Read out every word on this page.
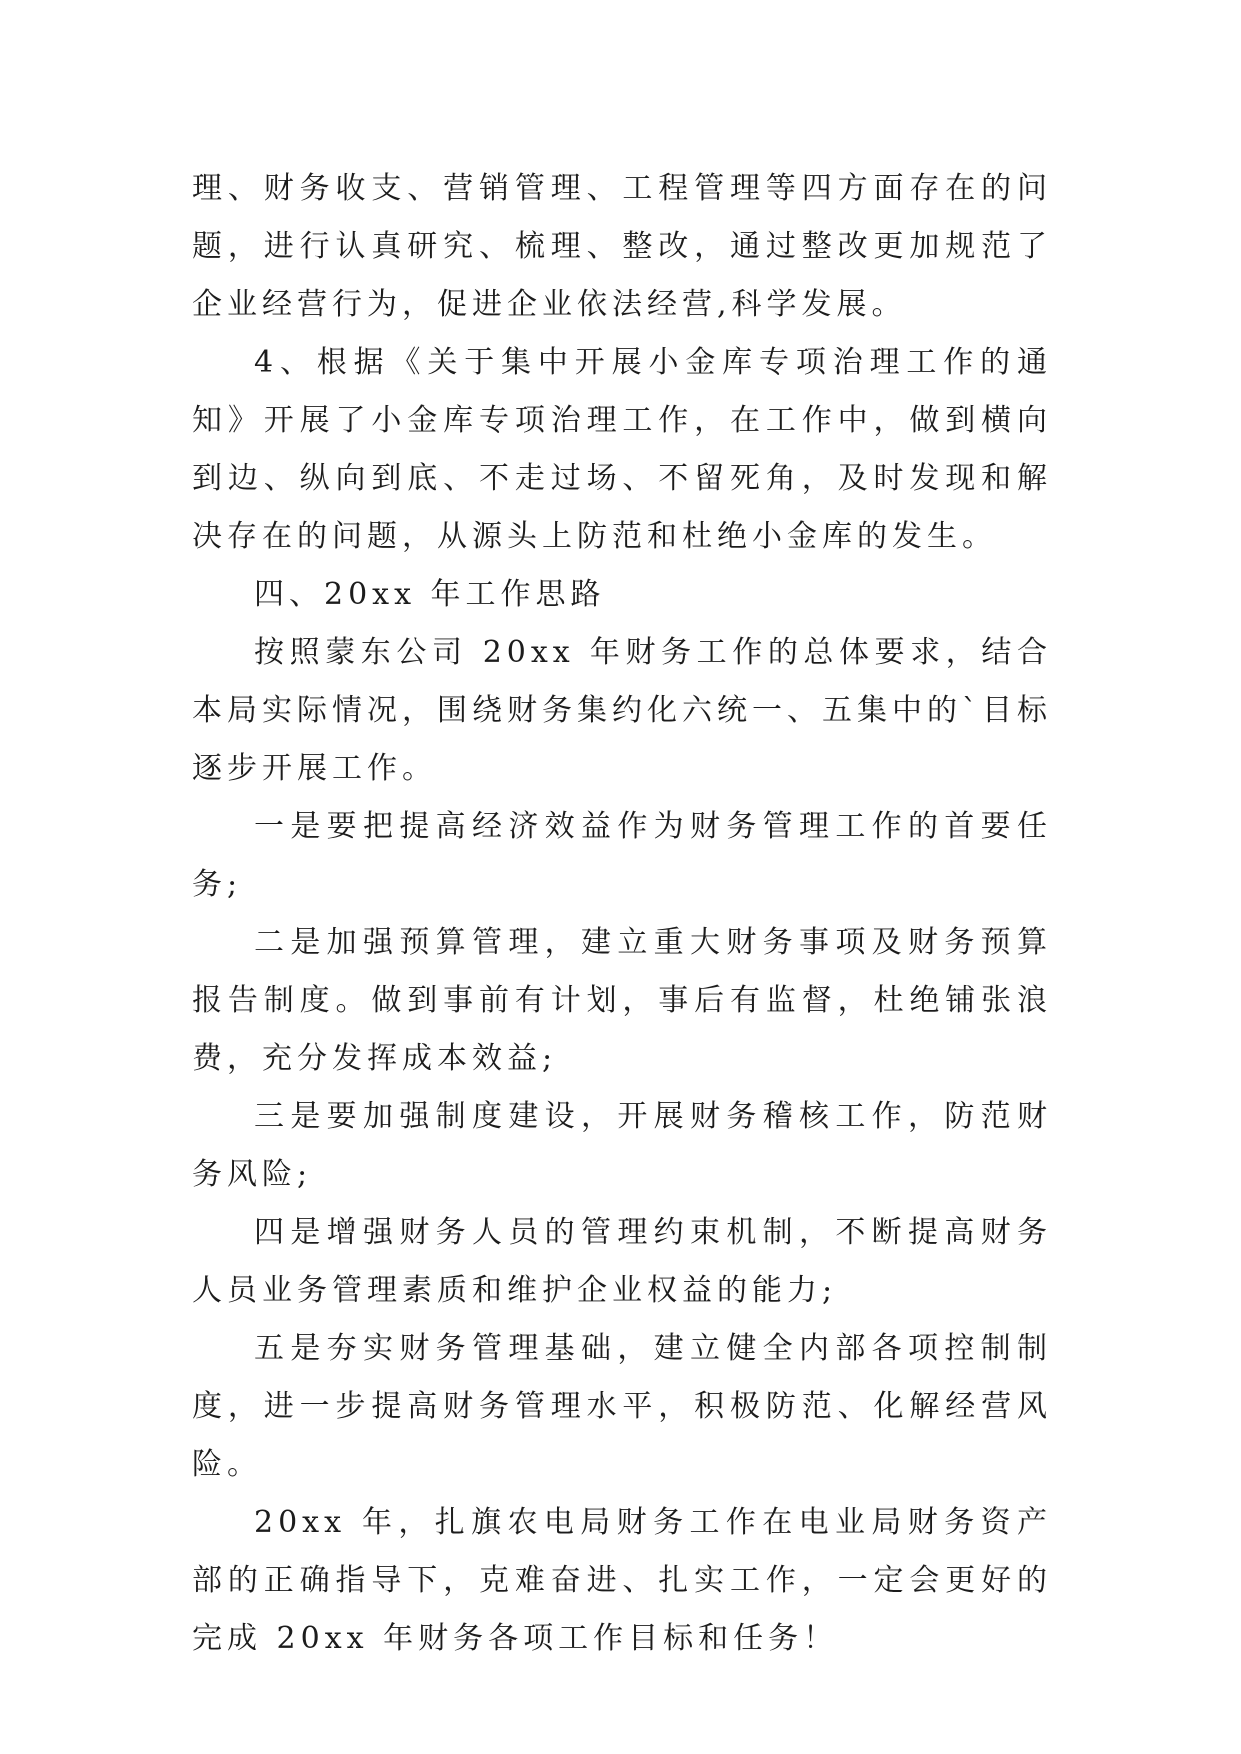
理、财务收支、营销管理、工程管理等四方面存在的问题，进行认真研究、梳理、整改，通过整改更加规范了企业经营行为，促进企业依法经营,科学发展。

4、根据《关于集中开展小金库专项治理工作的通知》开展了小金库专项治理工作，在工作中，做到横向到边、纵向到底、不走过场、不留死角，及时发现和解决存在的问题，从源头上防范和杜绝小金库的发生。

四、20xx 年工作思路

按照蒙东公司 20xx 年财务工作的总体要求，结合本局实际情况，围绕财务集约化六统一、五集中的`目标逐步开展工作。

一是要把提高经济效益作为财务管理工作的首要任务;

二是加强预算管理，建立重大财务事项及财务预算报告制度。做到事前有计划，事后有监督，杜绝铺张浪费，充分发挥成本效益;

三是要加强制度建设，开展财务稽核工作，防范财务风险;

四是增强财务人员的管理约束机制，不断提高财务人员业务管理素质和维护企业权益的能力;

五是夯实财务管理基础，建立健全内部各项控制制度，进一步提高财务管理水平，积极防范、化解经营风险。

20xx 年，扎旗农电局财务工作在电业局财务资产部的正确指导下，克难奋进、扎实工作，一定会更好的完成 20xx 年财务各项工作目标和任务！
